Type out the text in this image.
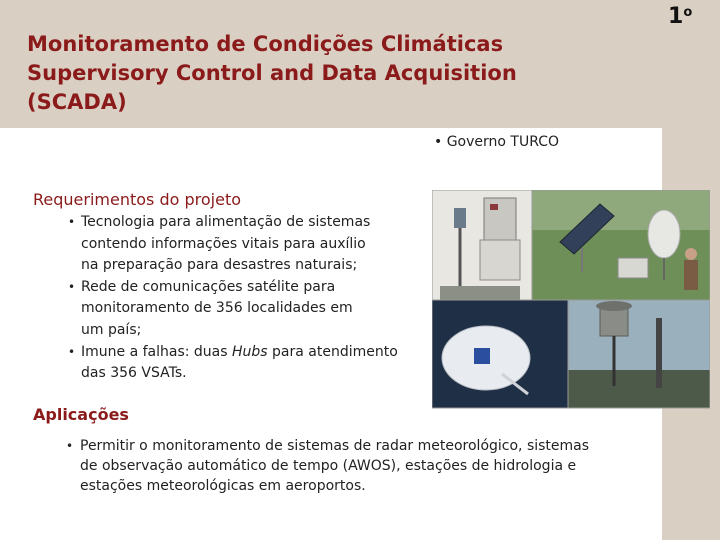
Monitoramento de Condições Climáticas
Supervisory Control and Data Acquisition
(SCADA)
1$^o$
• Governo TURCO
Requerimentos do projeto
• Tecnologia para alimentação de sistemas
contendo informações vitais para auxílio
na preparação para desastres naturais;
• Rede de comunicações satélite para
monitoramento de 356 localidades em
um país;
• Imune a falhas: duas Hubs para atendimento
das 356 VSATs.
Aplicações
• Permitir o monitoramento de sistemas de radar meteorológico, sistemas
de observação automático de tempo (AWOS), estações de hidrologia e
estações meteorológicas em aeroportos.
